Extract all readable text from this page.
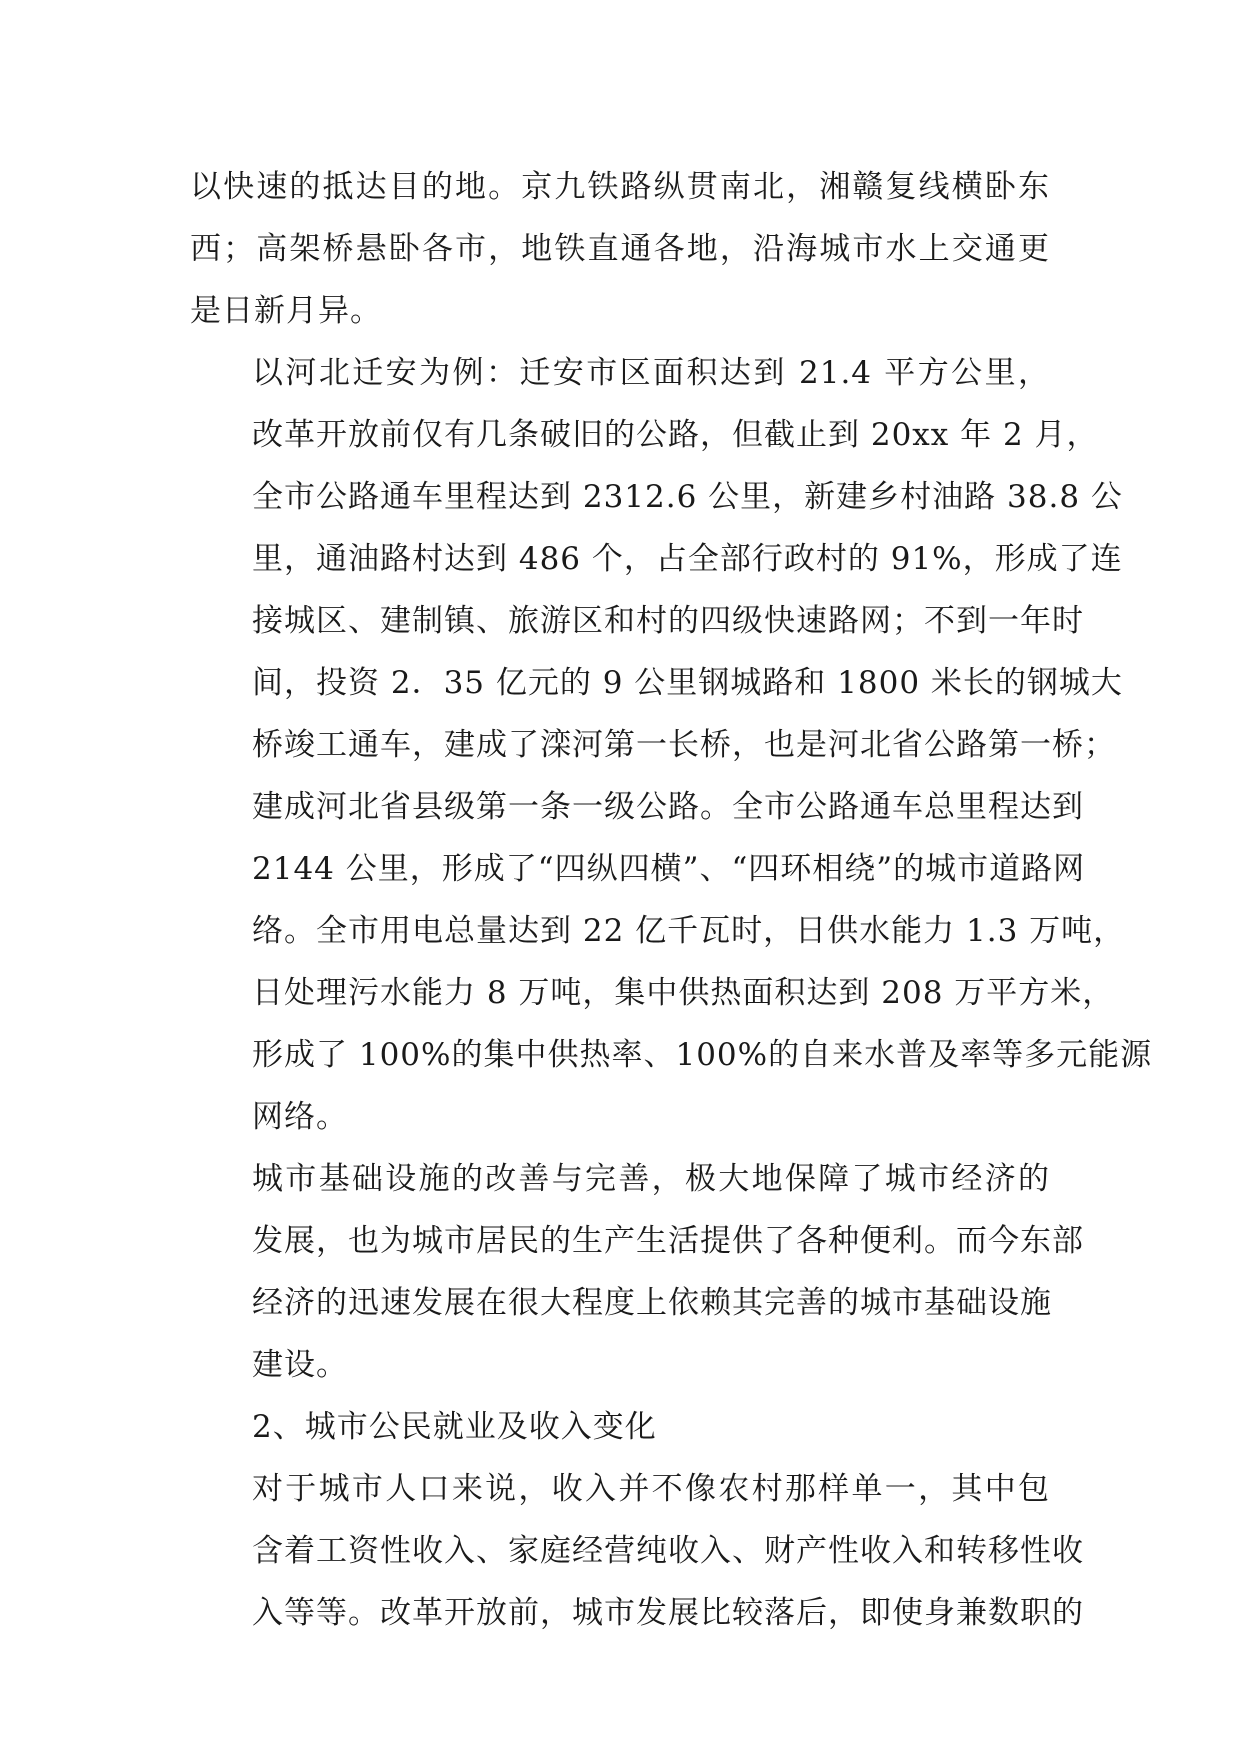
以快速的抵达目的地。京九铁路纵贯南北，湘赣复线横卧东
西；高架桥悬卧各市，地铁直通各地，沿海城市水上交通更
是日新月异。
以河北迁安为例：迁安市区面积达到 21.4 平方公里，
改革开放前仅有几条破旧的公路，但截止到 20xx 年 2 月，
全市公路通车里程达到 2312.6 公里，新建乡村油路 38.8 公
里，通油路村达到 486 个，占全部行政村的 91%，形成了连
接城区、建制镇、旅游区和村的四级快速路网；不到一年时
间，投资 2．35 亿元的 9 公里钢城路和 1800 米长的钢城大
桥竣工通车，建成了滦河第一长桥，也是河北省公路第一桥；
建成河北省县级第一条一级公路。全市公路通车总里程达到
2144 公里，形成了“四纵四横”、“四环相绕”的城市道路网
络。全市用电总量达到 22 亿千瓦时，日供水能力 1.3 万吨，
日处理污水能力 8 万吨，集中供热面积达到 208 万平方米，
形成了 100%的集中供热率、100%的自来水普及率等多元能源
网络。
城市基础设施的改善与完善，极大地保障了城市经济的
发展，也为城市居民的生产生活提供了各种便利。而今东部
经济的迅速发展在很大程度上依赖其完善的城市基础设施
建设。
2、城市公民就业及收入变化
对于城市人口来说，收入并不像农村那样单一，其中包
含着工资性收入、家庭经营纯收入、财产性收入和转移性收
入等等。改革开放前，城市发展比较落后，即使身兼数职的
